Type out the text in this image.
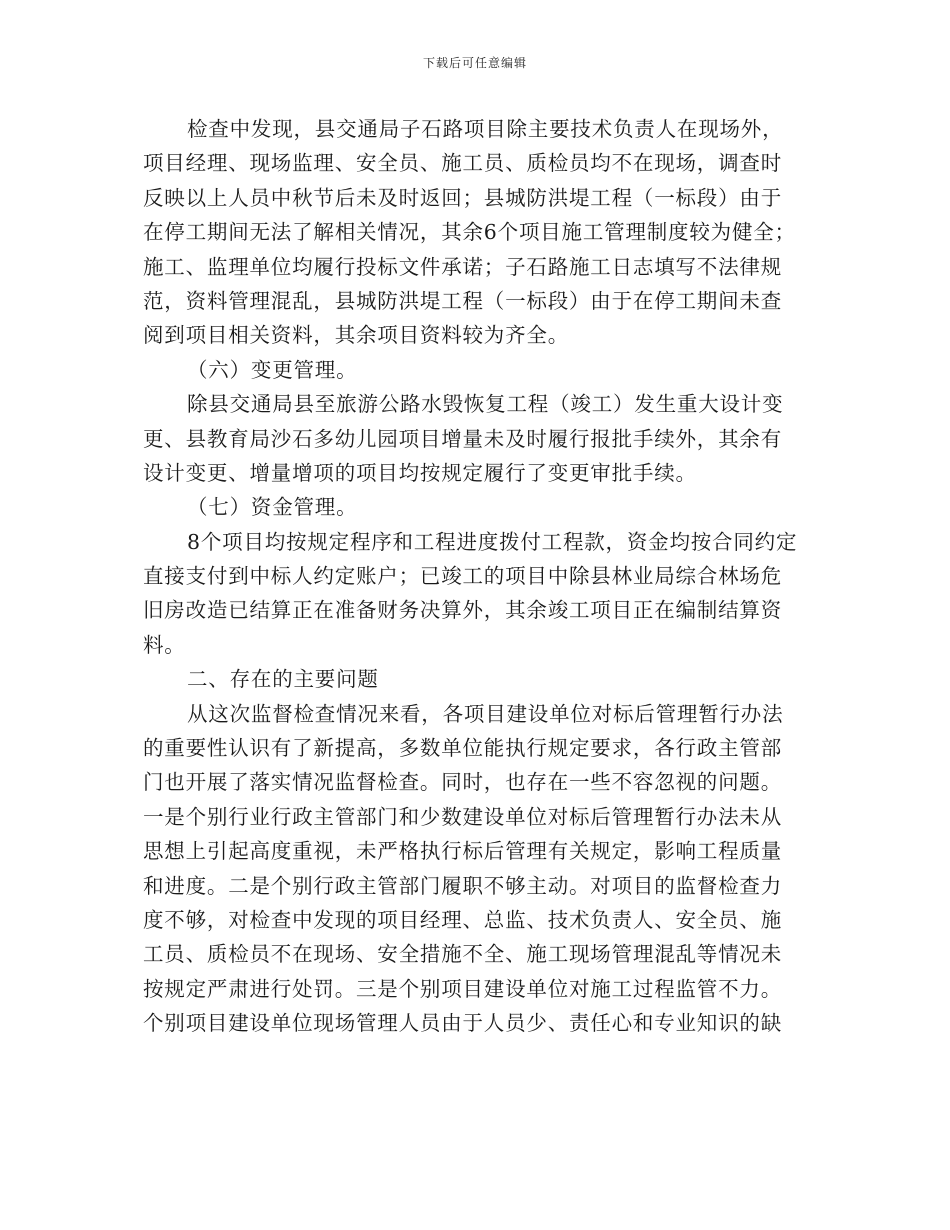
下载后可任意编辑
检查中发现，县交通局子石路项目除主要技术负责人在现场外，
项目经理、现场监理、安全员、施工员、质检员均不在现场，调查时
反映以上人员中秋节后未及时返回；县城防洪堤工程（一标段）由于
在停工期间无法了解相关情况，其余6个项目施工管理制度较为健全；
施工、监理单位均履行投标文件承诺；子石路施工日志填写不法律规
范，资料管理混乱，县城防洪堤工程（一标段）由于在停工期间未查
阅到项目相关资料，其余项目资料较为齐全。
（六）变更管理。
除县交通局县至旅游公路水毁恢复工程（竣工）发生重大设计变
更、县教育局沙石多幼儿园项目增量未及时履行报批手续外，其余有
设计变更、增量增项的项目均按规定履行了变更审批手续。
（七）资金管理。
8个项目均按规定程序和工程进度拨付工程款，资金均按合同约定
直接支付到中标人约定账户；已竣工的项目中除县林业局综合林场危
旧房改造已结算正在准备财务决算外，其余竣工项目正在编制结算资
料。
二、存在的主要问题
从这次监督检查情况来看，各项目建设单位对标后管理暂行办法
的重要性认识有了新提高，多数单位能执行规定要求，各行政主管部
门也开展了落实情况监督检查。同时，也存在一些不容忽视的问题。
一是个别行业行政主管部门和少数建设单位对标后管理暂行办法未从
思想上引起高度重视，未严格执行标后管理有关规定，影响工程质量
和进度。二是个别行政主管部门履职不够主动。对项目的监督检查力
度不够，对检查中发现的项目经理、总监、技术负责人、安全员、施
工员、质检员不在现场、安全措施不全、施工现场管理混乱等情况未
按规定严肃进行处罚。三是个别项目建设单位对施工过程监管不力。
个别项目建设单位现场管理人员由于人员少、责任心和专业知识的缺
